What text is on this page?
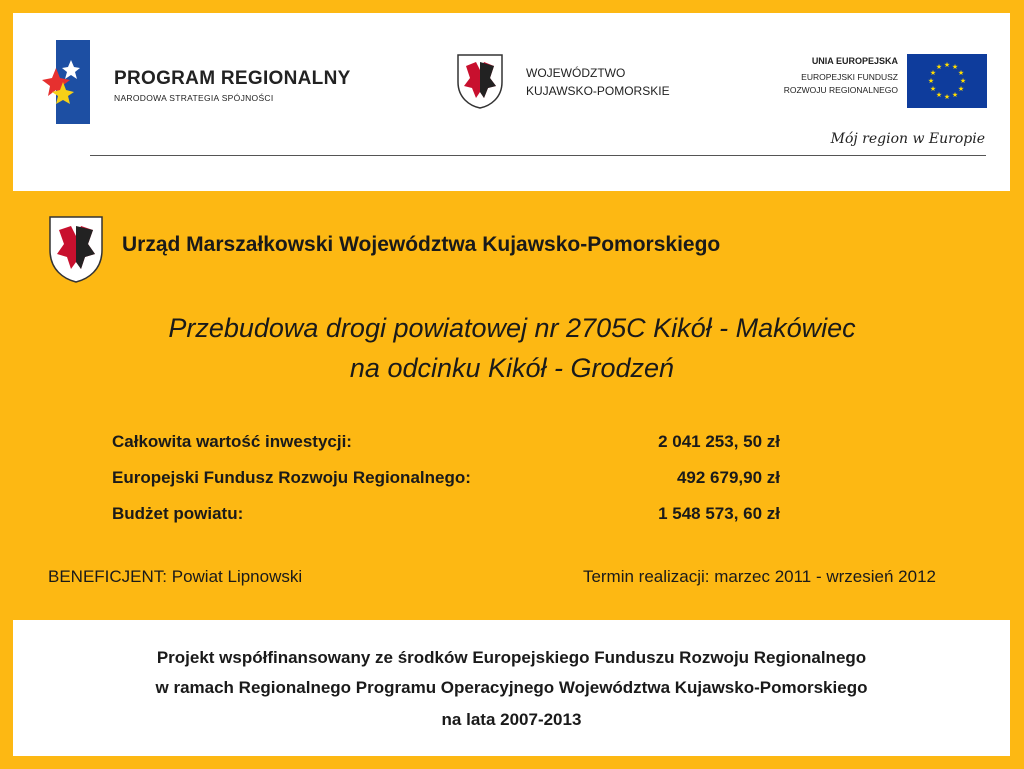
PROGRAM REGIONALNY
NARODOWA STRATEGIA SPÓJNOŚCI
WOJEWÓDZTWO
KUJAWSKO-POMORSKIE
UNIA EUROPEJSKA
EUROPEJSKI FUNDUSZ
ROZWOJU REGIONALNEGO
★ ★
★
★
★
★
★
★
★
★
★
★
Mój region w Europie
Urząd Marszałkowski Województwa Kujawsko-Pomorskiego
Przebudowa drogi powiatowej nr 2705C Kikół - Makówiec
na odcinku Kikół - Grodzeń
Całkowita wartość inwestycji:	2 041 253, 50 zł
Europejski Fundusz Rozwoju Regionalnego:	492 679,90 zł
Budżet powiatu:	1 548 573, 60 zł
BENEFICJENT: Powiat Lipnowski	Termin realizacji: marzec 2011 - wrzesień 2012
Projekt współfinansowany ze środków Europejskiego Funduszu Rozwoju Regionalnego
w ramach Regionalnego Programu Operacyjnego Województwa Kujawsko-Pomorskiego
na lata 2007-2013
